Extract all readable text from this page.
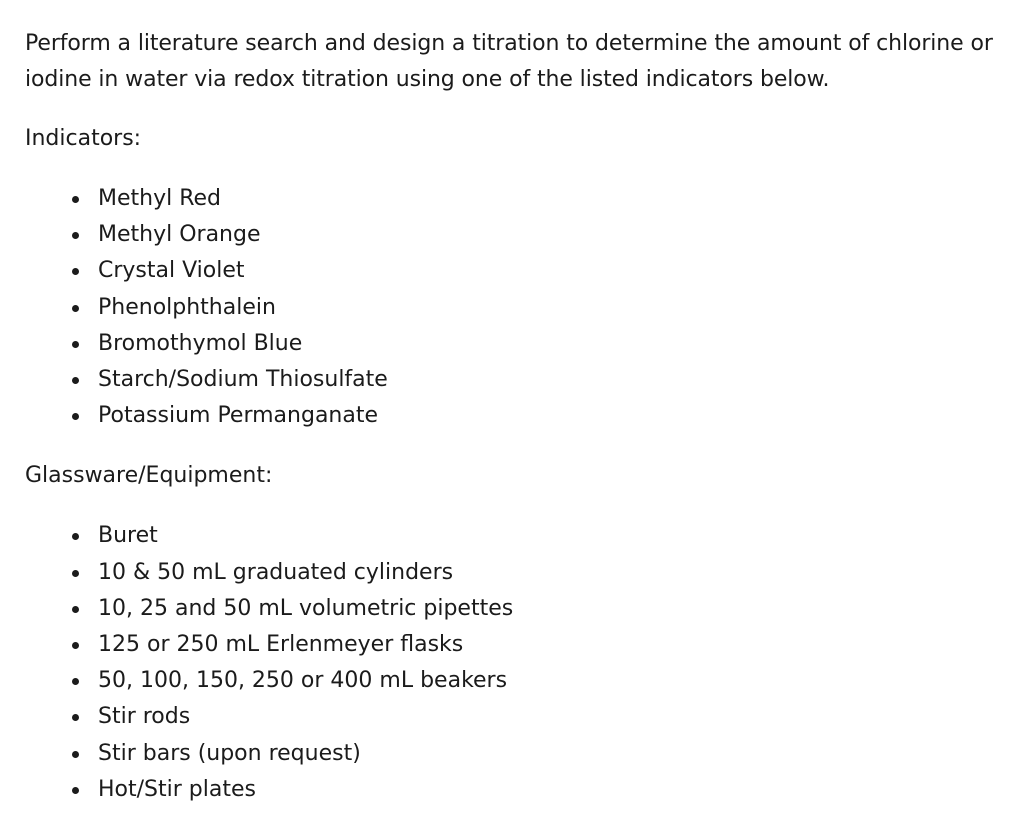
Perform a literature search and design a titration to determine the amount of chlorine or iodine in water via redox titration using one of the listed indicators below.

Indicators:
Methyl Red
Methyl Orange
Crystal Violet
Phenolphthalein
Bromothymol Blue
Starch/Sodium Thiosulfate
Potassium Permanganate
Glassware/Equipment:
Buret
10 & 50 mL graduated cylinders
10, 25 and 50 mL volumetric pipettes
125 or 250 mL Erlenmeyer flasks
50, 100, 150, 250 or 400 mL beakers
Stir rods
Stir bars (upon request)
Hot/Stir plates
